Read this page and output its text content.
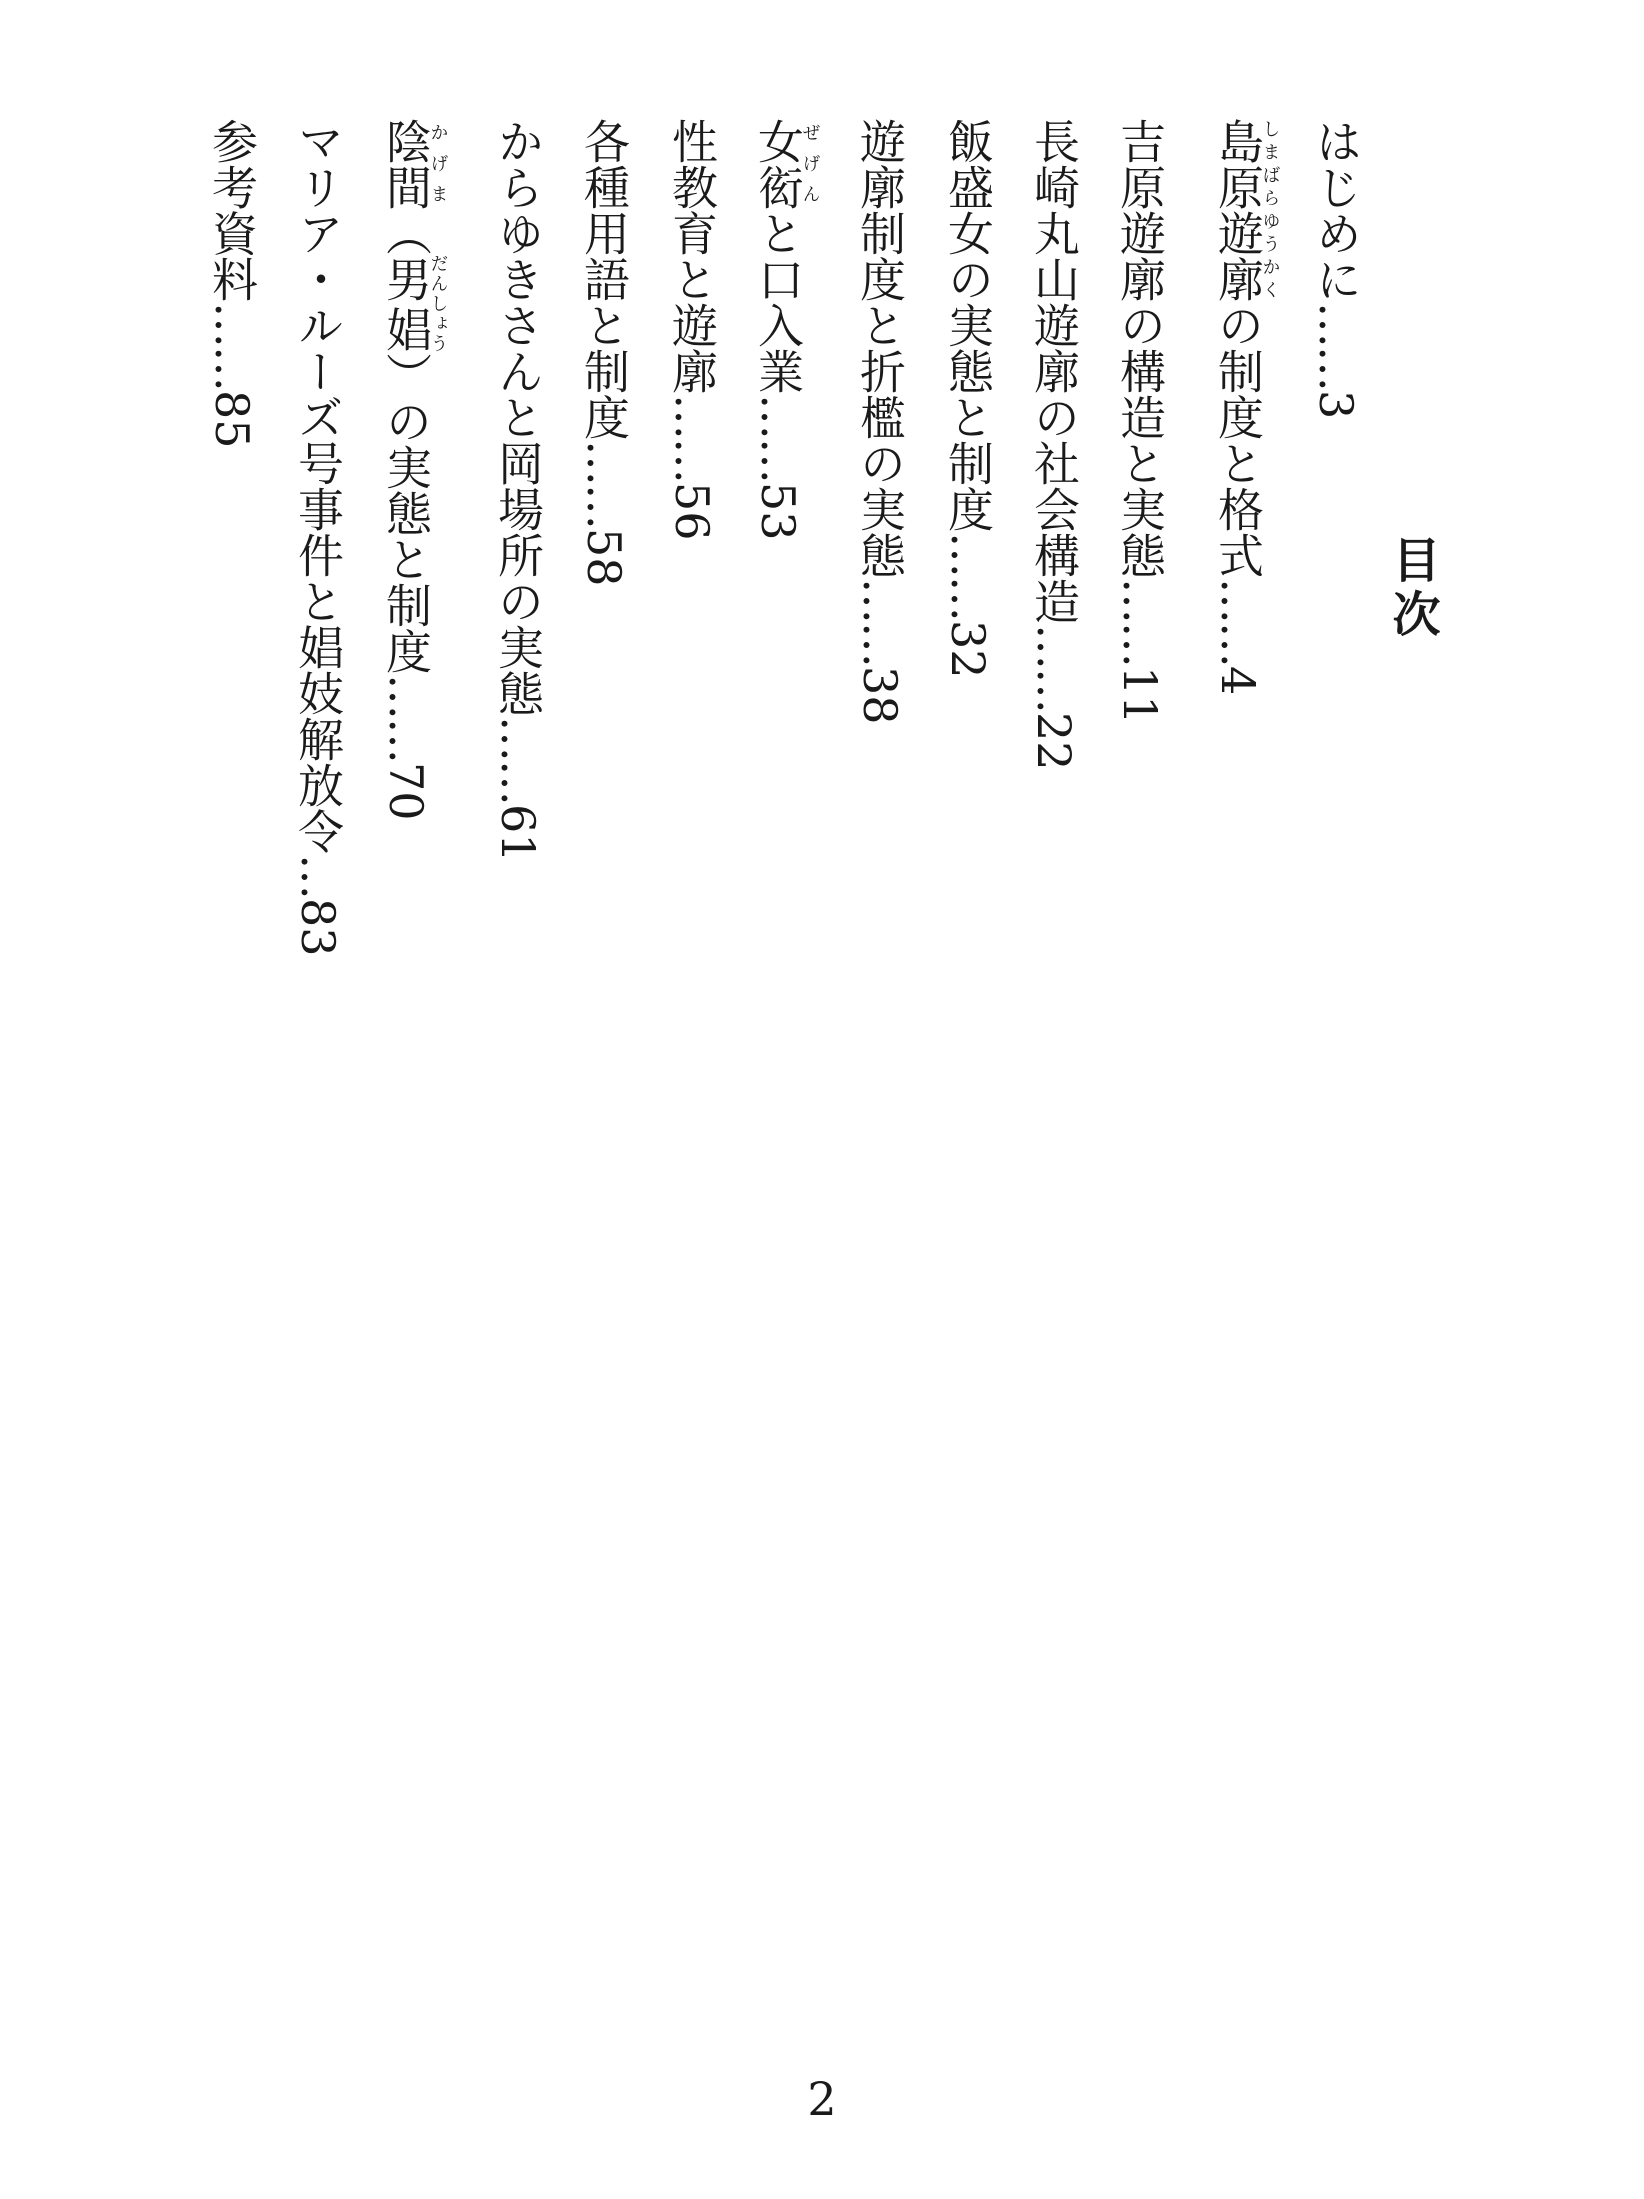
目次
はじめに……3
島原遊廓しまばらゆうかくの制度と格式……4
吉原遊廓の構造と実態……11
長崎丸山遊廓の社会構造……22
飯盛女の実態と制度……32
遊廓制度と折檻の実態……38
女衒ぜげんと口入業……53
性教育と遊廓……56
各種用語と制度……58
からゆきさんと岡場所の実態……61
陰間かげま（男娼だんしょう）の実態と制度……70
マリア・ルーズ号事件と娼妓解放令…83
参考資料……85
2
